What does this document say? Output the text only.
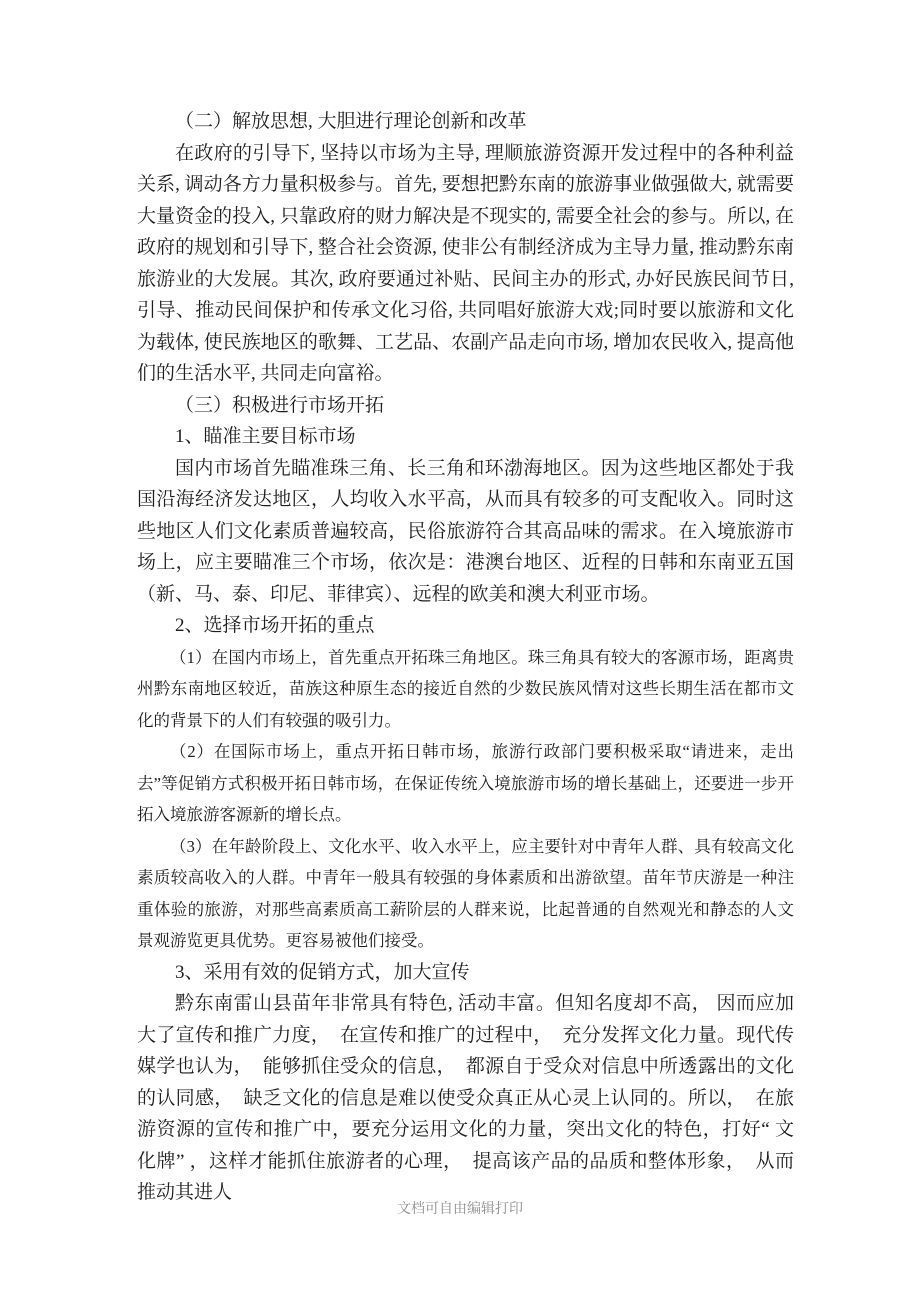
（二）解放思想, 大胆进行理论创新和改革

在政府的引导下, 坚持以市场为主导, 理顺旅游资源开发过程中的各种利益关系, 调动各方力量积极参与。首先, 要想把黔东南的旅游事业做强做大, 就需要大量资金的投入, 只靠政府的财力解决是不现实的, 需要全社会的参与。所以, 在政府的规划和引导下, 整合社会资源, 使非公有制经济成为主导力量, 推动黔东南旅游业的大发展。其次, 政府要通过补贴、民间主办的形式, 办好民族民间节日, 引导、推动民间保护和传承文化习俗, 共同唱好旅游大戏;同时要以旅游和文化为载体, 使民族地区的歌舞、工艺品、农副产品走向市场, 增加农民收入, 提高他们的生活水平, 共同走向富裕。

（三）积极进行市场开拓

1、瞄准主要目标市场

国内市场首先瞄准珠三角、长三角和环渤海地区。因为这些地区都处于我国沿海经济发达地区，人均收入水平高，从而具有较多的可支配收入。同时这些地区人们文化素质普遍较高，民俗旅游符合其高品味的需求。在入境旅游市场上，应主要瞄准三个市场，依次是：港澳台地区、近程的日韩和东南亚五国（新、马、泰、印尼、菲律宾）、远程的欧美和澳大利亚市场。

2、选择市场开拓的重点

（1）在国内市场上，首先重点开拓珠三角地区。珠三角具有较大的客源市场，距离贵州黔东南地区较近，苗族这种原生态的接近自然的少数民族风情对这些长期生活在都市文化的背景下的人们有较强的吸引力。

（2）在国际市场上，重点开拓日韩市场，旅游行政部门要积极采取“请进来，走出去”等促销方式积极开拓日韩市场，在保证传统入境旅游市场的增长基础上，还要进一步开拓入境旅游客源新的增长点。

（3）在年龄阶段上、文化水平、收入水平上，应主要针对中青年人群、具有较高文化素质较高收入的人群。中青年一般具有较强的身体素质和出游欲望。苗年节庆游是一种注重体验的旅游，对那些高素质高工薪阶层的人群来说，比起普通的自然观光和静态的人文景观游览更具优势。更容易被他们接受。

3、采用有效的促销方式，加大宣传

黔东南雷山县苗年非常具有特色, 活动丰富。但知名度却不高， 因而应加大了宣传和推广力度，　在宣传和推广的过程中，　充分发挥文化力量。现代传媒学也认为，　能够抓住受众的信息，　都源自于受众对信息中所透露出的文化的认同感，　缺乏文化的信息是难以使受众真正从心灵上认同的。所以，　在旅游资源的宣传和推广中，要充分运用文化的力量，突出文化的特色，打好“ 文化牌” ，这样才能抓住旅游者的心理，　提高该产品的品质和整体形象，　从而推动其进人

文档可自由编辑打印
